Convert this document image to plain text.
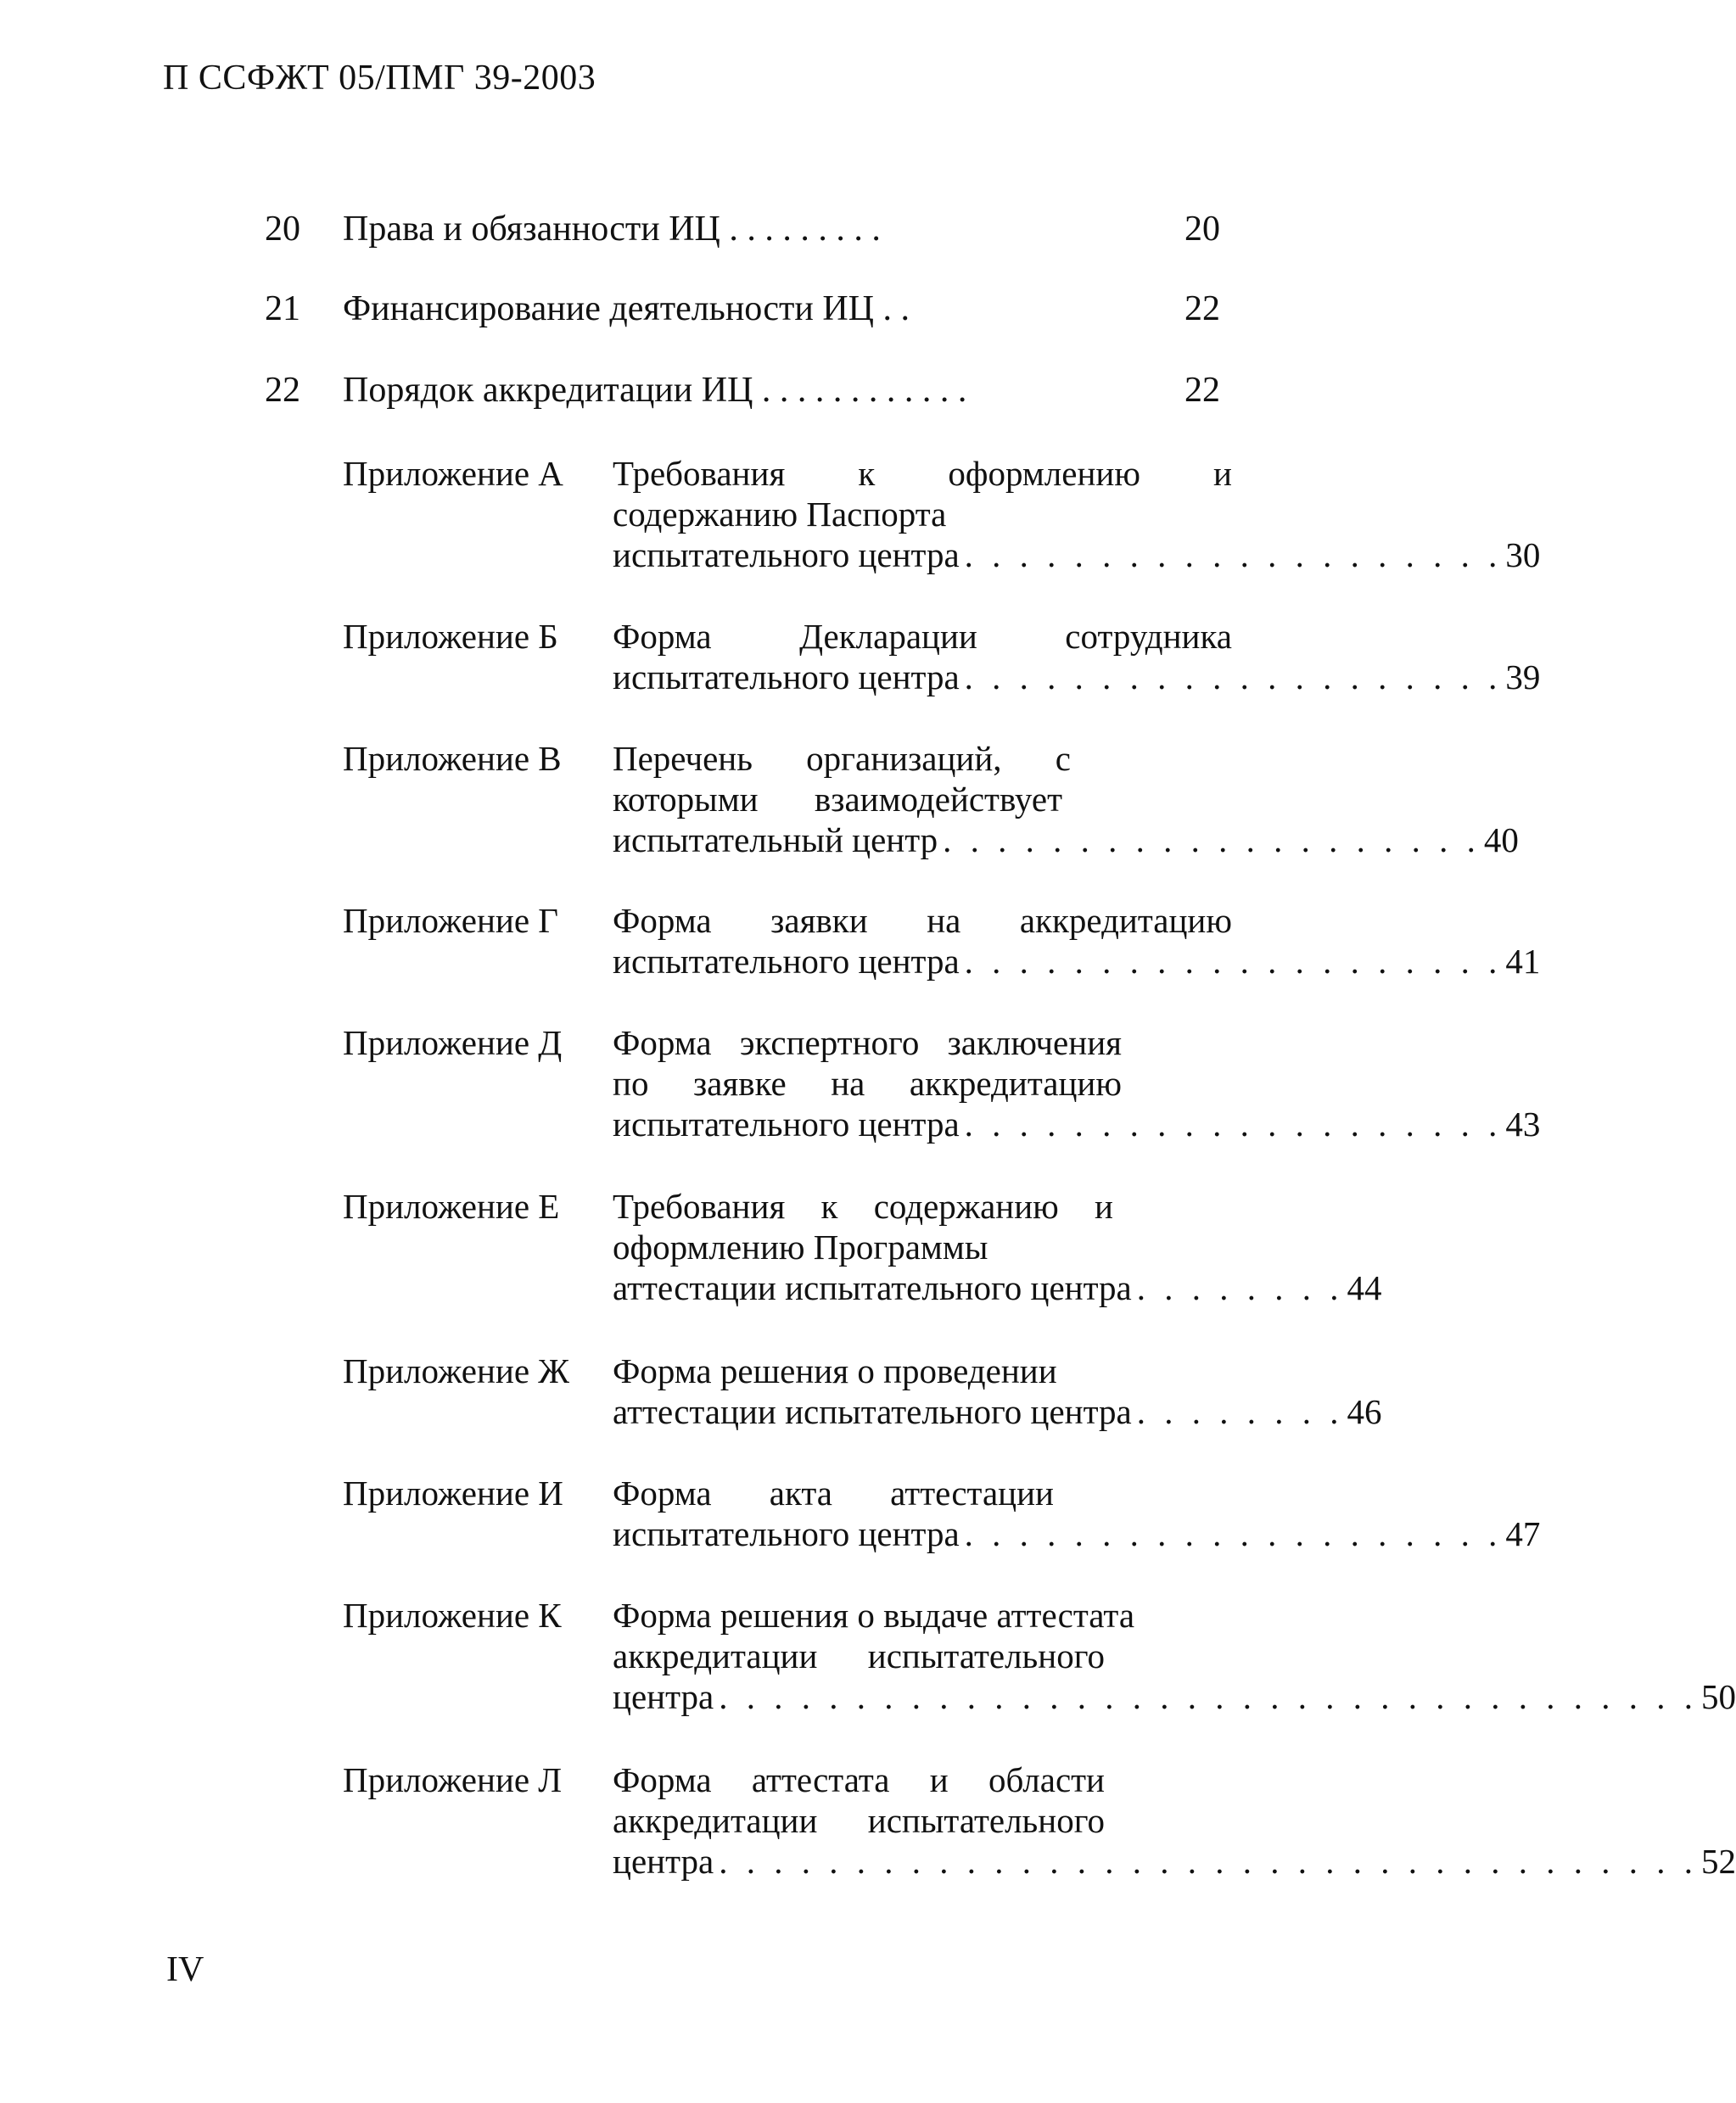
П ССФЖТ 05/ПМГ 39-2003
20 Права и обязанности ИЦ . . . . . . . . .	20
21 Финансирование деятельности ИЦ . .	22
22 Порядок аккредитации ИЦ . . . . . . . . . . . .	22
Приложение А Требования к оформлению и
содержанию Паспорта
испытательного центра . . . . . . . . . . . . . . . . . . . . 30
Приложение Б Форма Декларации сотрудника
испытательного центра . . . . . . . . . . . . . . . . . . . . 39
Приложение В Перечень организаций, с
которыми взаимодействует
испытательный центр . . . . . . . . . . . . . . . . . . . . 40
Приложение Г Форма заявки на аккредитацию
испытательного центра . . . . . . . . . . . . . . . . . . . . 41
Приложение Д Форма экспертного заключения
по заявке на аккредитацию
испытательного центра . . . . . . . . . . . . . . . . . . . . 43
Приложение Е Требования к содержанию и
оформлению Программы
аттестации испытательного центра . . . . . . . . 44
Приложение Ж Форма решения о проведении
аттестации испытательного центра . . . . . . . . 46
Приложение И Форма акта аттестации
испытательного центра . . . . . . . . . . . . . . . . . . . . 47
Приложение К Форма решения о выдаче аттестата
аккредитации испытательного
центра . . . . . . . . . . . . . . . . . . . . . . . . . . . . . . . . . . . . 50
Приложение Л Форма аттестата и области
аккредитации испытательного
центра . . . . . . . . . . . . . . . . . . . . . . . . . . . . . . . . . . . . 52
IV
